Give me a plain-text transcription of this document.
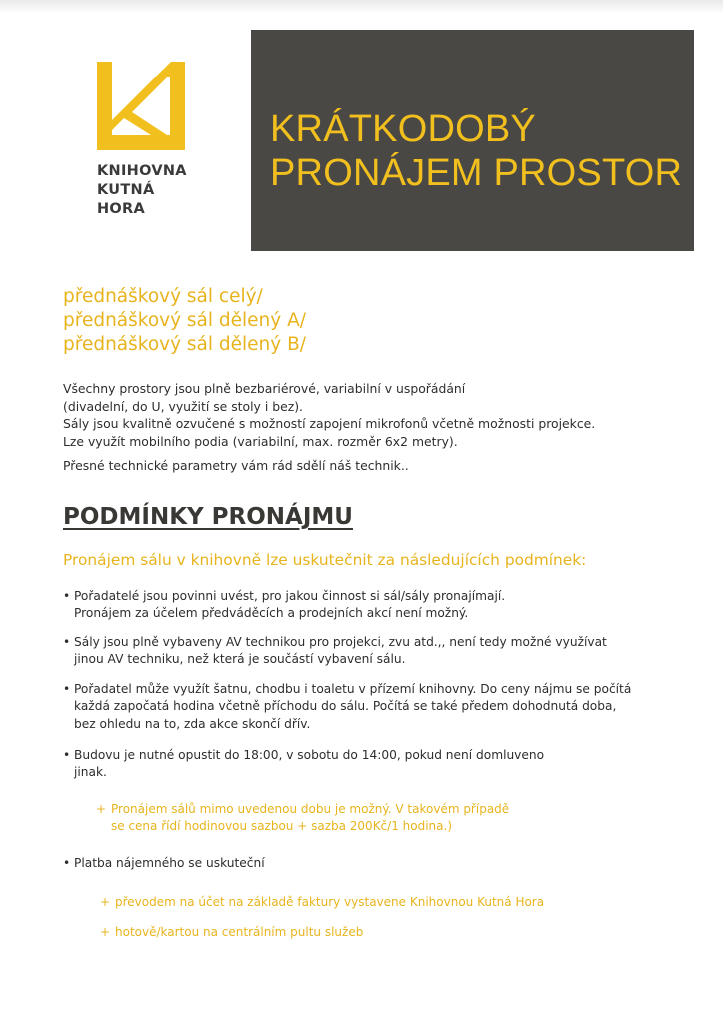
KNIHOVNA
KUTNÁ
HORA
KRÁTKODOBÝ
PRONÁJEM PROSTOR
přednáškový sál celý/
přednáškový sál dělený A/
přednáškový sál dělený B/
Všechny prostory jsou plně bezbariérové, variabilní v uspořádání
(divadelní, do U, využití se stoly i bez).
Sály jsou kvalitně ozvučené s možností zapojení mikrofonů včetně možnosti projekce.
Lze využít mobilního podia (variabilní, max. rozměr 6x2 metry).
Přesné technické parametry vám rád sdělí náš technik..
PODMÍNKY PRONÁJMU
Pronájem sálu v knihovně lze uskutečnit za následujících podmínek:
• Pořadatelé jsou povinni uvést, pro jakou činnost si sál/sály pronajímají.
Pronájem za účelem předváděcích a prodejních akcí není možný.
• Sály jsou plně vybaveny AV technikou pro projekci, zvu atd.,, není tedy možné využívat
jinou AV techniku, než která je součástí vybavení sálu.
• Pořadatel může využít šatnu, chodbu i toaletu v přízemí knihovny. Do ceny nájmu se počítá
každá započatá hodina včetně příchodu do sálu. Počítá se také předem dohodnutá doba,
bez ohledu na to, zda akce skončí dřív.
• Budovu je nutné opustit do 18:00, v sobotu do 14:00, pokud není domluveno
jinak.
+ Pronájem sálů mimo uvedenou dobu je možný. V takovém případě
se cena řídí hodinovou sazbou + sazba 200Kč/1 hodina.)
• Platba nájemného se uskuteční
+ převodem na účet na základě faktury vystavene Knihovnou Kutná Hora
+ hotově/kartou na centrálním pultu služeb
